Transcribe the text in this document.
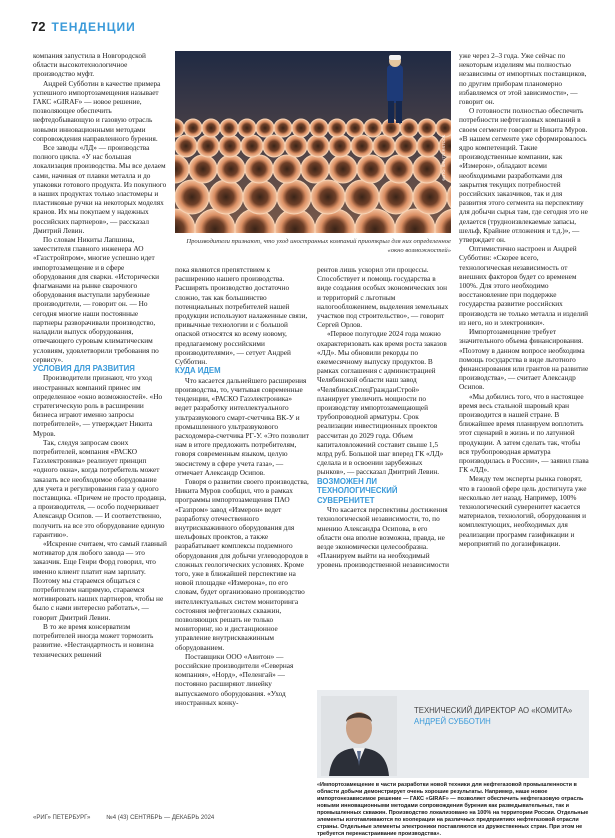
72 ТЕНДЕНЦИИ

компания запустила в Новгородской области высокотехнологичное производство муфт.

Андрей Субботин в качестве примера успешного импортозамещения называет ГАКС «GIRAF» — новое решение, позволяющее обеспечить нефтедобывающую и газовую отрасль новыми инновационными методами сопровождения направленного бурения.

Все заводы «ЛД» — производства полного цикла. «У нас большая локализация производства. Мы все делаем сами, начиная от плавки металла и до упаковки готового продукта. Из покупного в наших продуктах только эластомеры и пластиковые ручки на некоторых моделях кранов. Их мы покупаем у надежных российских партнеров», — рассказал Дмитрий Левин.

По словам Никиты Лапшина, заместителя главного инженера АО «Газстройпром», многие успешно идет импортозамещение и в сфере оборудования для сварки. «Исторически флагманами на рынке сварочного оборудования выступали зарубежные производители, — говорит он. — Но сегодня многие наши постоянные партнеры разворачивали производство, наладили выпуск оборудования, отвечающего суровым климатическим условиям, удовлетворили требования по сервису».

УСЛОВИЯ ДЛЯ РАЗВИТИЯ

Производители признают, что уход иностранных компаний принес им определенное «окно возможностей». «Но стратегическую роль в расширении бизнеса играют именно запросы потребителей», — утверждает Никита Муров.

Так, следуя запросам своих потребителей, компания «РАСКО Газэлектроника» реализует принцип «одного окна», когда потребитель может заказать все необходимое оборудование для учета и регулирования газа у одного поставщика. «Причем не просто продавца, а производителя, — особо подчеркивает Александр Осипов. — И соответственно, получить на все это оборудование единую гарантию».

«Искренне считаем, что самый главный мотиватор для любого завода — это заказчик. Еще Генри Форд говорил, что именно клиент платит нам зарплату. Поэтому мы стараемся общаться с потребителем напрямую, стараемся мотивировать наших партнеров, чтобы не было с нами интересно работать», — говорит Дмитрий Левин.

В то же время консерватизм потребителей иногда может тормозить развитие. «Нестандартность и новизна технических решений

ФОТО: SHUTTERSTOCK
Производители признают, что уход иностранных компаний приоткрыл для них определенное «окно возможностей»

пока являются препятствием к расширению нашего производства. Расширять производство достаточно сложно, так как большинство потенциальных потребителей нашей продукции используют налаженные связи, привычные технологии и с большой опаской относятся ко всему новому, предлагаемому российскими производителями», — сетует Андрей Субботин.

КУДА ИДЕМ

Что касается дальнейшего расширения производства, то, учитывая современные тенденции, «РАСКО Газэлектроника» ведет разработку интеллектуального ультразвукового смарт-счетчика ВК-У и промышленного ультразвукового расходомера-счетчика РГ-У. «Это позволит нам в итоге предложить потребителям, говоря современным языком, целую экосистему в сфере учета газа», — отмечает Александр Осипов.

Говоря о развитии своего производства, Никита Муров сообщил, что в рамках программы импортозамещения ПАО «Газпром» завод «Измерон» ведет разработку отечественного внутрискважинного оборудования для шельфовых проектов, а также разрабатывает комплексы подземного оборудования для добычи углеводородов в сложных геологических условиях. Кроме того, уже в ближайшей перспективе на новой площадке «Измерона», по его словам, будет организовано производство интеллектуальных систем мониторинга состояния нефтегазовых скважин, позволяющих решать не только мониторинг, но и дистанционное управление внутрискважинным оборудованием.

Поставщики ООО «Авитон» — российские производители «Северная компания», «Норд», «Пеленгай» — постоянно расширяют линейку выпускаемого оборудования. «Уход иностранных конку-

рентов лишь ускорил эти процессы. Способствует и помощь государства в виде создания особых экономических зон и территорий с льготным налогообложением, выделения земельных участков под строительство», — говорит Сергей Орлов.

«Первое полугодие 2024 года можно охарактеризовать как время роста заказов «ЛД». Мы обновили рекорды по ежемесячному выпуску продуктов. В рамках соглашения с администрацией Челябинской области наш завод «ЧелябинскСпецГражданСтрой» планирует увеличить мощности по производству импортозамещающей трубопроводной арматуры. Срок реализации инвестиционных проектов рассчитан до 2029 года. Объем капиталовложений составит свыше 1,5 млрд руб. Большой шаг вперед ГК «ЛД» сделала и в освоении зарубежных рынков», — рассказал Дмитрий Левин.

ВОЗМОЖЕН ЛИ ТЕХНОЛОГИЧЕСКИЙ СУВЕРЕНИТЕТ

Что касается перспективы достижения технологической независимости, то, по мнению Александра Осипова, в его области она вполне возможна, правда, не везде экономически целесообразна. «Планируем выйти на необходимый уровень производственной независимости

уже через 2–3 года. Уже сейчас по некоторым изделиям мы полностью независимы от импортных поставщиков, по другим приборам планомерно избавляемся от этой зависимости», — говорит он.

О готовности полностью обеспечить потребности нефтегазовых компаний в своем сегменте говорят и Никита Муров. «В нашем сегменте уже сформировалось ядро компетенций. Такие производственные компании, как «Измерон», обладают всеми необходимыми разработками для закрытия текущих потребностей российских заказчиков, так и для развития этого сегмента на перспективу для добычи сырья там, где сегодня это не делается (трудноизвлекаемые запасы, шельф, Крайние отложения и т.д.)», — утверждает он.

Оптимистично настроен и Андрей Субботин: «Скорее всего, технологическая независимость от внешних факторов будет со временем 100%. Для этого необходимо восстановление при поддержке государства развитие российских производств не только металла и изделий из него, но и электроники».

Импортозамещение требует значительного объема финансирования. «Поэтому в данном вопросе необходима помощь государства в виде льготного финансирования или грантов на развитие производства», — считает Александр Осипов.

«Мы добились того, что в настоящее время весь стальной шаровый кран производится в нашей стране. В ближайшее время планируем воплотить этот сценарий в жизнь и по латунной продукции. А затем сделать так, чтобы вся трубопроводная арматура производилась в России», — заявил глава ГК «ЛД».

Между тем эксперты рынка говорят, что в газовой сфере цель достигнута уже несколько лет назад. Например, 100% технологический суверенитет касается материалов, технологий, оборудования и комплектующих, необходимых для реализации программ газификации и мероприятий по догазификации.

ТЕХНИЧЕСКИЙ ДИРЕКТОР АО «КОМИТА»
АНДРЕЙ СУББОТИН
«Импортозамещение в части разработки новой техники для нефтегазовой промышленности в области добычи демонстрирует очень хорошие результаты. Например, наше новое импортонезависимое решение — ГАКС «GIRAF» — позволяет обеспечить нефтегазовую отрасль новыми инновационными методами сопровождения бурения как разведывательных, так и промышленных скважин. Производство локализовано на 100% на территории России. Отдельные элементы изготавливаются по кооперации на различных предприятиях нефтегазовой отрасли страны. Отдельные элементы электроники поставляются из дружественных стран. При этом не требуется перенастраивание производства».
«РИГ» ПЕТЕРБУРГ»	№4 (43) СЕНТЯБРЬ — ДЕКАБРЬ 2024
